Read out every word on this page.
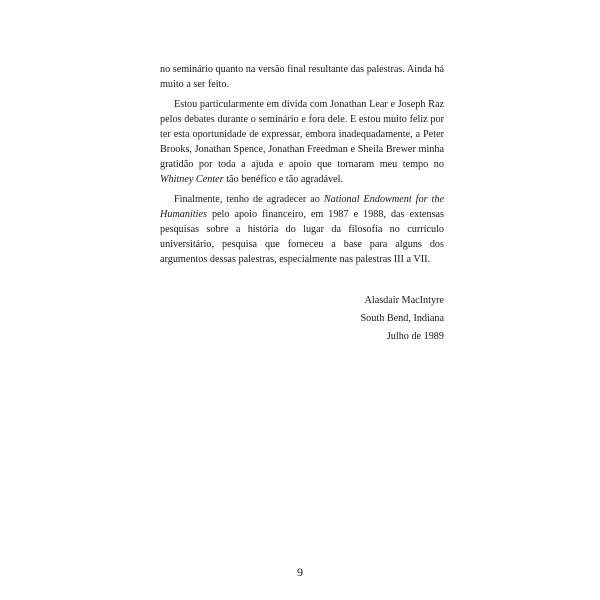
no seminário quanto na versão final resultante das palestras. Ainda há muito a ser feito.

Estou particularmente em dívida com Jonathan Lear e Joseph Raz pelos debates durante o seminário e fora dele. E estou muito feliz por ter esta oportunidade de expressar, embora inadequadamente, a Peter Brooks, Jonathan Spence, Jonathan Freedman e Sheila Brewer minha gratidão por toda a ajuda e apoio que tornaram meu tempo no Whitney Center tão benéfico e tão agradável.

Finalmente, tenho de agradecer ao National Endowment for the Humanities pelo apoio financeiro, em 1987 e 1988, das extensas pesquisas sobre a história do lugar da filosofia no currículo universitário, pesquisa que forneceu a base para alguns dos argumentos dessas palestras, especialmente nas palestras III a VII.

Alasdair MacIntyre
South Bend, Indiana
Julho de 1989
9
